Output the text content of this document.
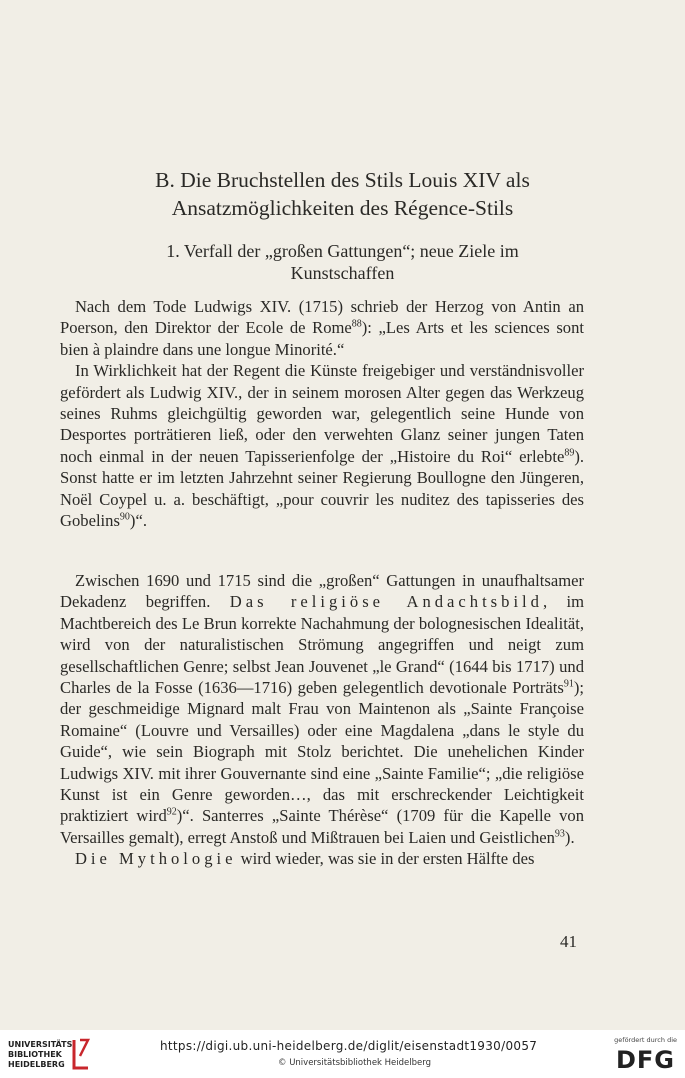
B. Die Bruchstellen des Stils Louis XIV als
Ansatzmöglichkeiten des Régence-Stils
1. Verfall der „großen Gattungen“; neue Ziele im
Kunstschaffen

Nach dem Tode Ludwigs XIV. (1715) schrieb der Herzog von Antin an Poerson, den Direktor der Ecole de Rome$^{88}$): „Les Arts et les sciences sont bien à plaindre dans une longue Minorité.“

In Wirklichkeit hat der Regent die Künste freigebiger und verständnisvoller gefördert als Ludwig XIV., der in seinem morosen Alter gegen das Werkzeug seines Ruhms gleichgültig geworden war, gelegentlich seine Hunde von Desportes porträtieren ließ, oder den verwehten Glanz seiner jungen Taten noch einmal in der neuen Tapisserienfolge der „Histoire du Roi“ erlebte$^{89}$). Sonst hatte er im letzten Jahrzehnt seiner Regierung Boullogne den Jüngeren, Noël Coypel u. a. beschäftigt, „pour couvrir les nuditez des tapisseries des Gobelins$^{90}$)“.

Zwischen 1690 und 1715 sind die „großen“ Gattungen in unaufhaltsamer Dekadenz begriffen. Das religiöse Andachtsbild, im Machtbereich des Le Brun korrekte Nachahmung der bolognesischen Idealität, wird von der naturalistischen Strömung angegriffen und neigt zum gesellschaftlichen Genre; selbst Jean Jouvenet „le Grand“ (1644 bis 1717) und Charles de la Fosse (1636—1716) geben gelegentlich devotionale Porträts$^{91}$); der geschmeidige Mignard malt Frau von Maintenon als „Sainte Françoise Romaine“ (Louvre und Versailles) oder eine Magdalena „dans le style du Guide“, wie sein Biograph mit Stolz berichtet. Die unehelichen Kinder Ludwigs XIV. mit ihrer Gouvernante sind eine „Sainte Familie“; „die religiöse Kunst ist ein Genre geworden…, das mit erschreckender Leichtigkeit praktiziert wird$^{92}$)“. Santerres „Sainte Thérèse“ (1709 für die Kapelle von Versailles gemalt), erregt Anstoß und Mißtrauen bei Laien und Geistlichen$^{93}$).

Die Mythologie wird wieder, was sie in der ersten Hälfte des

41
UNIVERSITÄTS-
BIBLIOTHEK
HEIDELBERG
https://digi.ub.uni-heidelberg.de/diglit/eisenstadt1930/0057
© Universitätsbibliothek Heidelberg
gefördert durch die
DFG
